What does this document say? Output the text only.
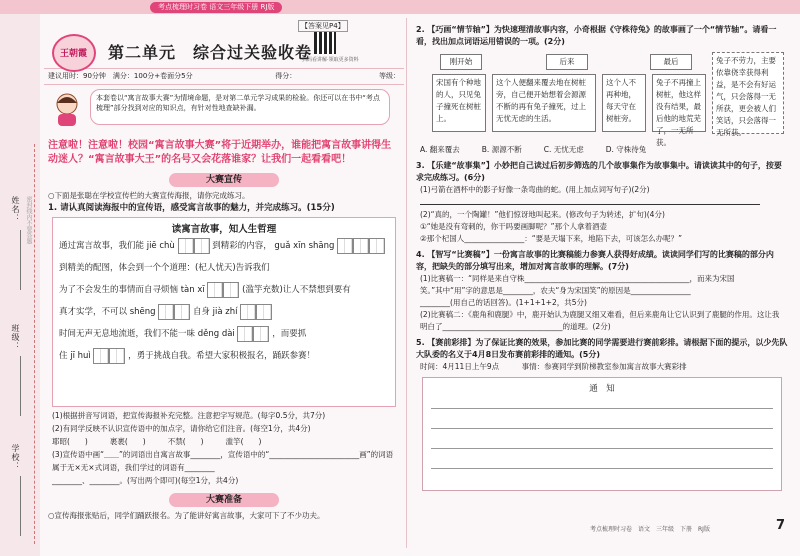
考点梳理时习卷 语文三年级下册 RJ版
姓名：
班级：
学校：
密封线内不要答题
王朝霞 第二单元　综合过关验收卷
【答案见P4】
扫码看讲解·领取更多资料
建议用时：90分钟　满分：100分+卷面分5分	得分：	等级：
本套卷以“寓言故事大赛”为情境命题，是对第二单元学习成果的检验。你还可以在书中“考点梳理”部分找到对应的知识点，有针对性地查缺补漏。
注意啦！注意啦！校园“寓言故事大赛”将于近期举办，谁能把寓言故事讲得生动迷人？“寓言故事大王”的名号又会花落谁家？让我们一起看看吧！
大赛宣传
○下面是张聪在学校宣传栏的大赛宣传海报，请你完成练习。
1. 请认真阅读海报中的宣传语，感受寓言故事的魅力，并完成练习。(15分)
读寓言故事，知人生哲理
通过寓言故事，我们能 jiē chù	到精彩的内容， guǎ xīn shāng
到精美的配图，体会到一个个道理：(杞人忧天)告诉我们
为了不会发生的事情而自寻烦恼 tàn xī	(滥竽充数)让人不禁想到要有
真才实学，不可以 shēng	自身 jià zhí
时间无声无息地流逝，我们不能一味 děng dài	，而要抓
住 jī huì	，勇于挑战自我。希望大家积极报名，踊跃参赛！
(1)根据拼音写词语，把宣传海报补充完整。注意把字写规范。(每字0.5分，共7分)
(2)有同学反映不认识宣传语中的加点字，请你给它们注音。(每空1分，共4分)
耶昭(　　)	裹裹(　　)	不禁(　　)	滥竽(　　)
(3)宣传语中画“＿＿”的词语出自寓言故事________，宣传语中的“________________________画”的词语属于无×无×式词语，我们学过的词语有________
________、________。(写出两个即可)(每空1分，共4分)
大赛准备
○宣传海报张贴后，同学们踊跃报名。为了能讲好寓言故事，大家可下了不少功夫。
2. 【巧画“情节轴”】为快速理清故事内容，小奇根据《守株待兔》的故事画了一个“情节轴”。请看一看，找出加点词语运用错误的一项。(2分)
刚开始	后来	最后
宋国有个种地的人，只见兔子撞死在树桩上。
这个人便翻来覆去地在树桩旁，自己便开始想着会源源不断的再有兔子撞死，过上无忧无虑的生活。
这个人不再种地，每天守在树桩旁。
兔子不再撞上树桩，他这样没有结果，最后他的地荒芜了，一无所获。
兔子不劳力，主要依靠侥幸获得利益，是不会有好运气，只会落得一无所获，更会被人们笑话，只会落得一无所获。
A. 翻来覆去	B. 源源不断	C. 无忧无虑	D. 守株待兔
3. 【乐建“故事集”】小妙把自己读过后初步筛选的几个故事集作为故事集中。请读读其中的句子，按要求完成练习。(6分)
(1)弓箭在酒杯中的影子好像一条弯曲的蛇。(用上加点词写句子)(2分)
(2)“真的，一个陶罐！”他们惊讶地叫起来。(修改句子为转述，扩句)(4分)
①“她是没有弯刺的，你干吗要画脚呢？”那个人拿着酒壶
②那个杞国人________________：“要是天塌下来，地陷下去，可该怎么办呢？”
4. 【智写“比赛稿”】一份寓言故事的比赛稿能力参赛人获得好成绩。读读同学们写的比赛稿的部分内容，把缺失的部分填写出来，增加对寓言故事的理解。(7分)
(1)比赛稿一：“同样是来自守株____________________________________________，而来为宋国
笑。”其中“用”字的意思是________，农夫“身为宋国笑”的原因是________________
________(用自己的话回答)。(1+1+1+2，共5分)
(2)比赛稿二：《鹿角和鹿腿》中，鹿开始认为鹿腿又细又难看，但后来鹿角让它认识到了鹿腿的作用。这让我明白了________________________________的道理。(2分)
5. 【赛前彩排】为了保证比赛的效果，参加比赛的同学需要进行赛前彩排。请根据下面的提示，以少先队大队委的名义于4月8日发布赛前彩排的通知。(5分)
时间：4月11日上午9点　　　事情：参赛同学到阶梯教室参加寓言故事大赛彩排
通　知
考点梳理时习卷　语文　三年级　下册　RJ版	7
